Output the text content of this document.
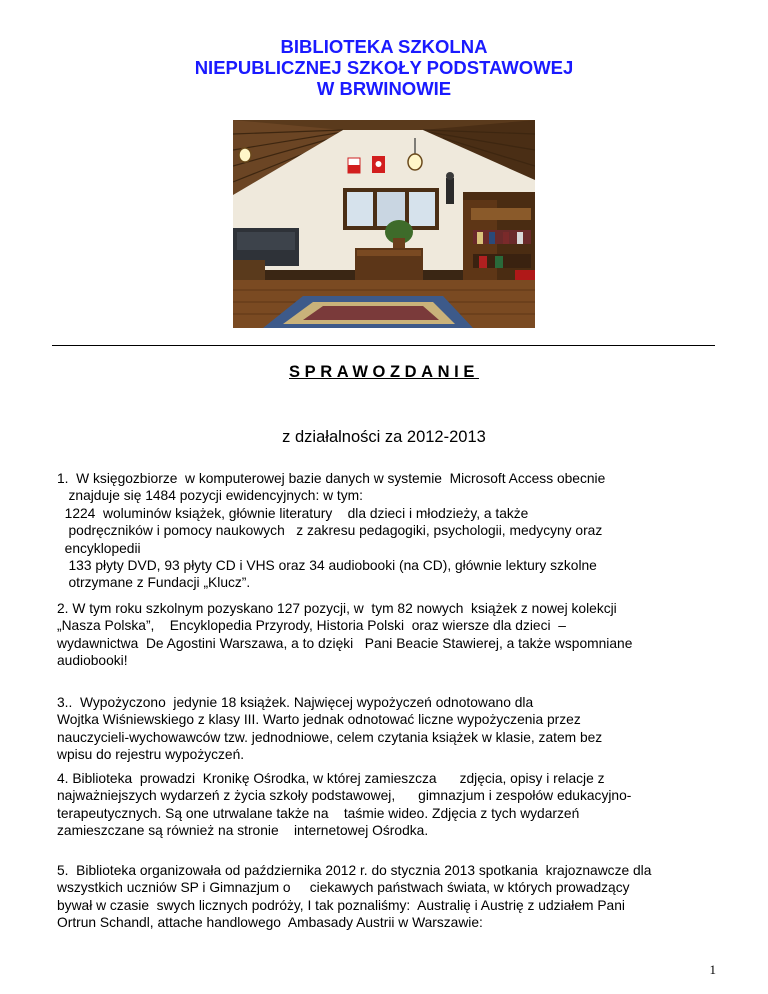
BIBLIOTEKA SZKOLNA
NIEPUBLICZNEJ SZKOŁY PODSTAWOWEJ
W BRWINOWIE
SPRAWOZDANIE
z działalności za 2012-2013
1.  W księgozbiorze  w komputerowej bazie danych w systemie  Microsoft Access obecnie
znajduje się 1484 pozycji ewidencyjnych: w tym:
1224  woluminów książek, głównie literatury    dla dzieci i młodzieży, a także
podręczników i pomocy naukowych   z zakresu pedagogiki, psychologii, medycyny oraz
encyklopedii
133 płyty DVD, 93 płyty CD i VHS oraz 34 audiobooki (na CD), głównie lektury szkolne
otrzymane z Fundacji „Klucz”.
2. W tym roku szkolnym pozyskano 127 pozycji, w  tym 82 nowych  książek z nowej kolekcji
„Nasza Polska”,    Encyklopedia Przyrody, Historia Polski  oraz wiersze dla dzieci  –
wydawnictwa  De Agostini Warszawa, a to dzięki   Pani Beacie Stawierej, a także wspomniane
audiobooki!
3..  Wypożyczono  jedynie 18 książek. Najwięcej wypożyczeń odnotowano dla
Wojtka Wiśniewskiego z klasy III. Warto jednak odnotować liczne wypożyczenia przez
nauczycieli-wychowawców tzw. jednodniowe, celem czytania książek w klasie, zatem bez
wpisu do rejestru wypożyczeń.
4. Biblioteka  prowadzi  Kronikę Ośrodka, w której zamieszcza      zdjęcia, opisy i relacje z
najważniejszych wydarzeń z życia szkoły podstawowej,      gimnazjum i zespołów edukacyjno-
terapeutycznych. Są one utrwalane także na    taśmie wideo. Zdjęcia z tych wydarzeń
zamieszczane są również na stronie    internetowej Ośrodka.
5.  Biblioteka organizowała od października 2012 r. do stycznia 2013 spotkania  krajoznawcze dla
wszystkich uczniów SP i Gimnazjum o     ciekawych państwach świata, w których prowadzący
bywał w czasie  swych licznych podróży, I tak poznaliśmy:  Australię i Austrię z udziałem Pani
Ortrun Schandl, attache handlowego  Ambasady Austrii w Warszawie:
1
